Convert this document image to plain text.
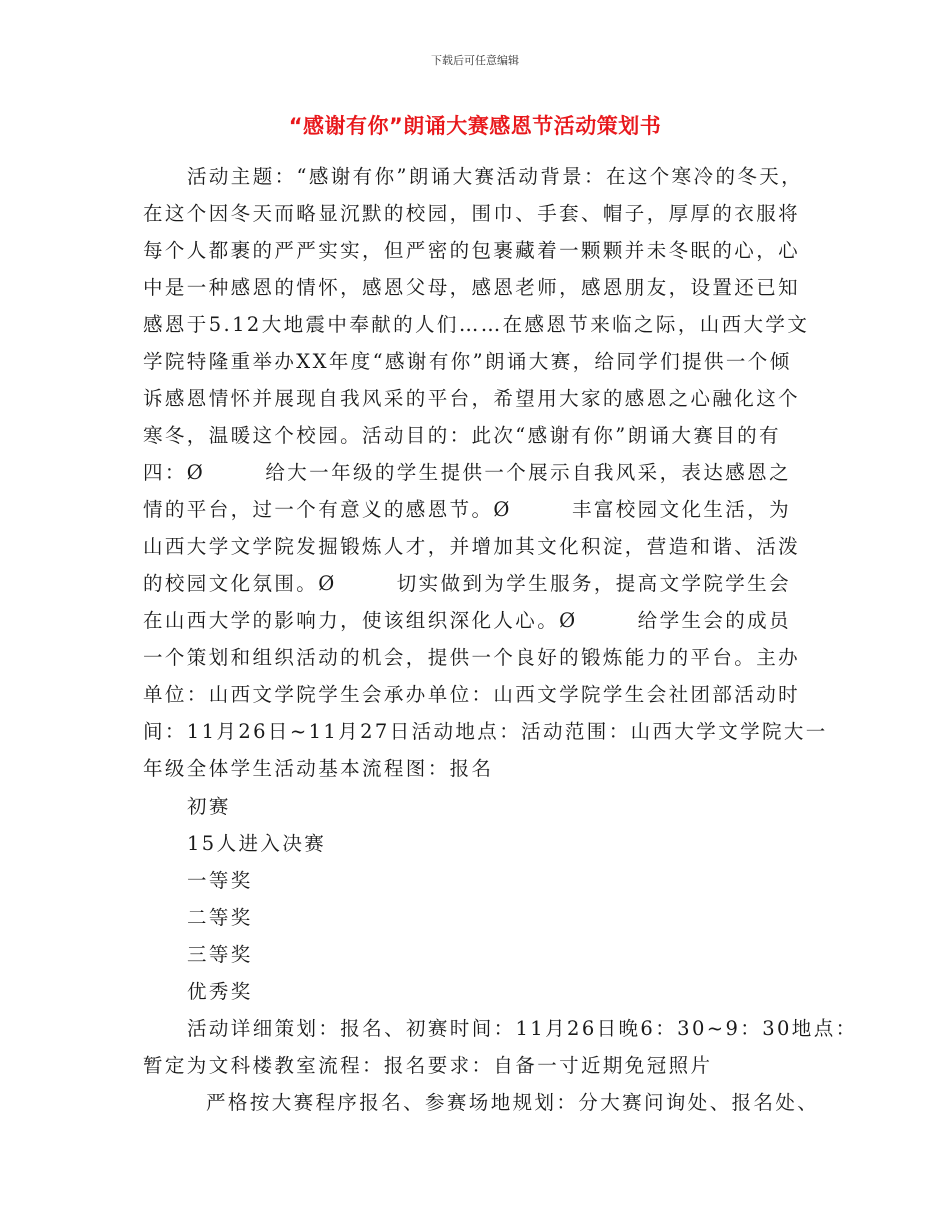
下载后可任意编辑
“感谢有你”朗诵大赛感恩节活动策划书
活动主题：“感谢有你”朗诵大赛活动背景：在这个寒冷的冬天，
在这个因冬天而略显沉默的校园，围巾、手套、帽子，厚厚的衣服将
每个人都裹的严严实实，但严密的包裹藏着一颗颗并未冬眠的心，心
中是一种感恩的情怀，感恩父母，感恩老师，感恩朋友，设置还已知
感恩于5.12大地震中奉献的人们……在感恩节来临之际，山西大学文
学院特隆重举办XX年度“感谢有你”朗诵大赛，给同学们提供一个倾
诉感恩情怀并展现自我风采的平台，希望用大家的感恩之心融化这个
寒冬，温暖这个校园。活动目的：此次“感谢有你”朗诵大赛目的有
四：Ø       给大一年级的学生提供一个展示自我风采，表达感恩之
情的平台，过一个有意义的感恩节。Ø       丰富校园文化生活，为
山西大学文学院发掘锻炼人才，并增加其文化积淀，营造和谐、活泼
的校园文化氛围。Ø       切实做到为学生服务，提高文学院学生会
在山西大学的影响力，使该组织深化人心。Ø       给学生会的成员
一个策划和组织活动的机会，提供一个良好的锻炼能力的平台。主办
单位：山西文学院学生会承办单位：山西文学院学生会社团部活动时
间：11月26日~11月27日活动地点：活动范围：山西大学文学院大一
年级全体学生活动基本流程图：报名
初赛
15人进入决赛
一等奖
二等奖
三等奖
优秀奖
活动详细策划：报名、初赛时间：11月26日晚6：30~9：30地点：
暂定为文科楼教室流程：报名要求：自备一寸近期免冠照片
严格按大赛程序报名、参赛场地规划：分大赛问询处、报名处、
